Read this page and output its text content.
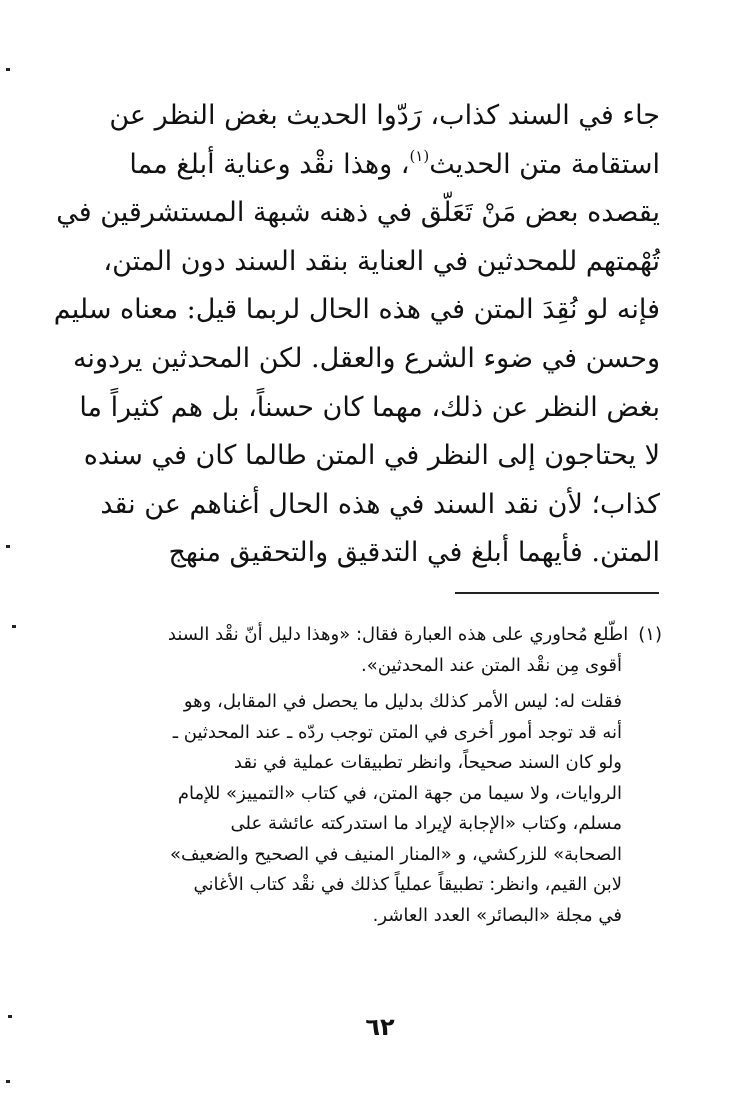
جاء في السند كذاب، رَدّوا الحديث بغض النظر عن
استقامة متن الحديث$^{(١)}$، وهذا نقْد وعناية أبلغ مما
يقصده بعض مَنْ تَعَلّق في ذهنه شبهة المستشرقين في
تُهْمتهم للمحدثين في العناية بنقد السند دون المتن،
فإنه لو نُقِدَ المتن في هذه الحال لربما قيل: معناه سليم
وحسن في ضوء الشرع والعقل. لكن المحدثين يردونه
بغض النظر عن ذلك، مهما كان حسناً، بل هم كثيراً ما
لا يحتاجون إلى النظر في المتن طالما كان في سنده
كذاب؛ لأن نقد السند في هذه الحال أغناهم عن نقد
المتن. فأيهما أبلغ في التدقيق والتحقيق منهج
(١)اطّلع مُحاوري على هذه العبارة فقال: «وهذا دليل أنّ نقْد السند
أقوى مِن نقْد المتن عند المحدثين».
فقلت له: ليس الأمر كذلك بدليل ما يحصل في المقابل، وهو
أنه قد توجد أمور أخرى في المتن توجب ردّه ـ عند المحدثين ـ
ولو كان السند صحيحاً، وانظر تطبيقات عملية في نقد
الروايات، ولا سيما من جهة المتن، في كتاب «التمييز» للإمام
مسلم، وكتاب «الإجابة لإيراد ما استدركته عائشة على
الصحابة» للزركشي، و «المنار المنيف في الصحيح والضعيف»
لابن القيم، وانظر: تطبيقاً عملياً كذلك في نقْد كتاب الأغاني
في مجلة «البصائر» العدد العاشر.
٦٢
